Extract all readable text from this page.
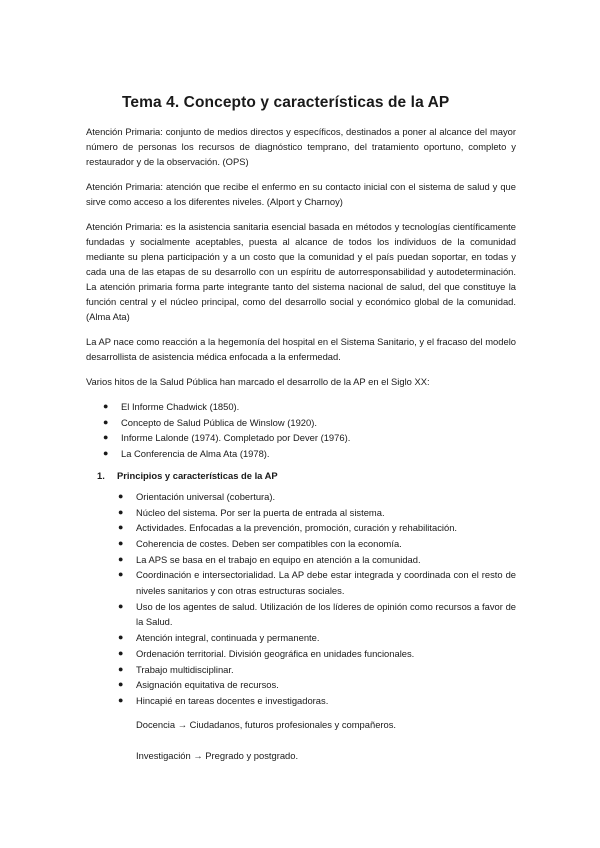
Tema 4. Concepto y características de la AP

Atención Primaria: conjunto de medios directos y específicos, destinados a poner al alcance del mayor número de personas los recursos de diagnóstico temprano, del tratamiento oportuno, completo y restaurador y de la observación. (OPS)

Atención Primaria: atención que recibe el enfermo en su contacto inicial con el sistema de salud y que sirve como acceso a los diferentes niveles. (Alport y Charnoy)

Atención Primaria: es la asistencia sanitaria esencial basada en métodos y tecnologías científicamente fundadas y socialmente aceptables, puesta al alcance de todos los individuos de la comunidad mediante su plena participación y a un costo que la comunidad y el país puedan soportar, en todas y cada una de las etapas de su desarrollo con un espíritu de autorresponsabilidad y autodeterminación. La atención primaria forma parte integrante tanto del sistema nacional de salud, del que constituye la función central y el núcleo principal, como del desarrollo social y económico global de la comunidad. (Alma Ata)

La AP nace como reacción a la hegemonía del hospital en el Sistema Sanitario, y el fracaso del modelo desarrollista de asistencia médica enfocada a la enfermedad.

Varios hitos de la Salud Pública han marcado el desarrollo de la AP en el Siglo XX:

● El Informe Chadwick (1850).
● Concepto de Salud Pública de Winslow (1920).
● Informe Lalonde (1974). Completado por Dever (1976).
● La Conferencia de Alma Ata (1978).
1. Principios y características de la AP
● Orientación universal (cobertura).
● Núcleo del sistema. Por ser la puerta de entrada al sistema.
● Actividades. Enfocadas a la prevención, promoción, curación y rehabilitación.
● Coherencia de costes. Deben ser compatibles con la economía.
● La APS se basa en el trabajo en equipo en atención a la comunidad.
● Coordinación e intersectorialidad. La AP debe estar integrada y coordinada con el resto de niveles sanitarios y con otras estructuras sociales.
● Uso de los agentes de salud. Utilización de los líderes de opinión como recursos a favor de la Salud.
● Atención integral, continuada y permanente.
● Ordenación territorial. División geográfica en unidades funcionales.
● Trabajo multidisciplinar.
● Asignación equitativa de recursos.
● Hincapié en tareas docentes e investigadoras.
Docencia → Ciudadanos, futuros profesionales y compañeros.
Investigación → Pregrado y postgrado.
